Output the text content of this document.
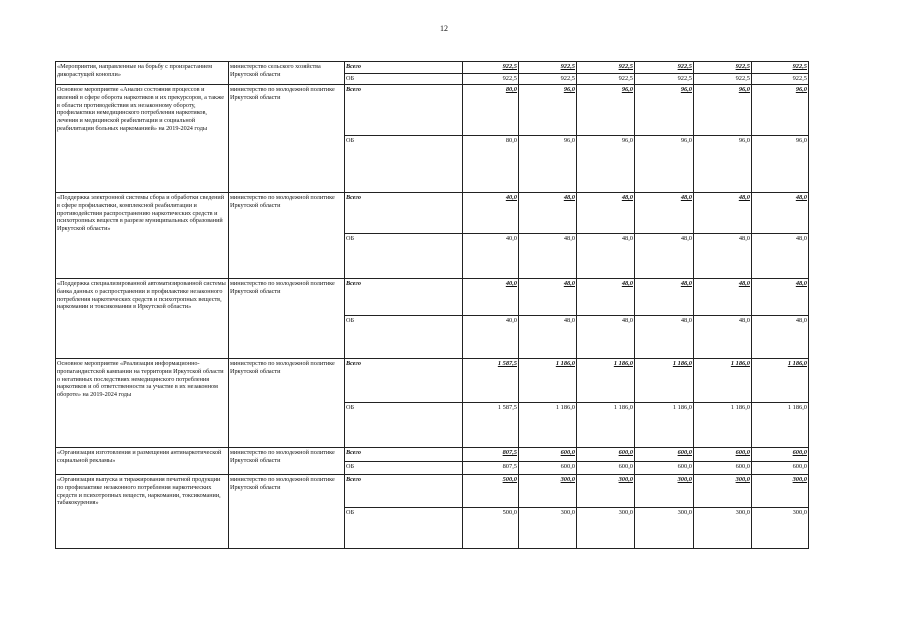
12
«Мероприятия, направленные на борьбу с произрастанием дикорастущей конопли»	министерство сельского хозяйства Иркутской области	Всего	922,5	922,5	922,5	922,5	922,5	922,5
		ОБ	922,5	922,5	922,5	922,5	922,5	922,5
Основное мероприятие «Анализ состояния процессов и явлений в сфере оборота наркотиков и их прекурсоров, а также в области противодействия их незаконному обороту, профилактики немедицинского потребления наркотиков, лечения и медицинской реабилитации и социальной реабилитации больных наркоманией» на 2019-2024 годы	министерство по молодежной политике Иркутской области	Всего	80,0	96,0	96,0	96,0	96,0	96,0
		ОБ	80,0	96,0	96,0	96,0	96,0	96,0
«Поддержка электронной системы сбора и обработки сведений в сфере профилактики, комплексной реабилитации и противодействия распространению наркотических средств и психотропных веществ в разрезе муниципальных образований Иркутской области»	министерство по молодежной политике Иркутской области	Всего	40,0	48,0	48,0	48,0	48,0	48,0
		ОБ	40,0	48,0	48,0	48,0	48,0	48,0
«Поддержка специализированной автоматизированной системы банка данных о распространении и профилактике незаконного потребления наркотических средств и психотропных веществ, наркомании и токсикомании в Иркутской области»	министерство по молодежной политике Иркутской области	Всего	40,0	48,0	48,0	48,0	48,0	48,0
		ОБ	40,0	48,0	48,0	48,0	48,0	48,0
Основное мероприятие «Реализация информационно-пропагандистской кампании на территории Иркутской области о негативных последствиях немедицинского потребления наркотиков и об ответственности за участие в их незаконном обороте» на 2019-2024 годы	министерство по молодежной политике Иркутской области	Всего	1 587,5	1 186,0	1 186,0	1 186,0	1 186,0	1 186,0
		ОБ	1 587,5	1 186,0	1 186,0	1 186,0	1 186,0	1 186,0
«Организация изготовления и размещения антинаркотической социальной рекламы»	министерство по молодежной политике Иркутской области	Всего	807,5	600,0	600,0	600,0	600,0	600,0
		ОБ	807,5	600,0	600,0	600,0	600,0	600,0
«Организация выпуска и тиражирования печатной продукции по профилактике незаконного потребления наркотических средств и психотропных веществ, наркомании, токсикомании, табакокурения»	министерство по молодежной политике Иркутской области	Всего	500,0	300,0	300,0	300,0	300,0	300,0
		ОБ	500,0	300,0	300,0	300,0	300,0	300,0
